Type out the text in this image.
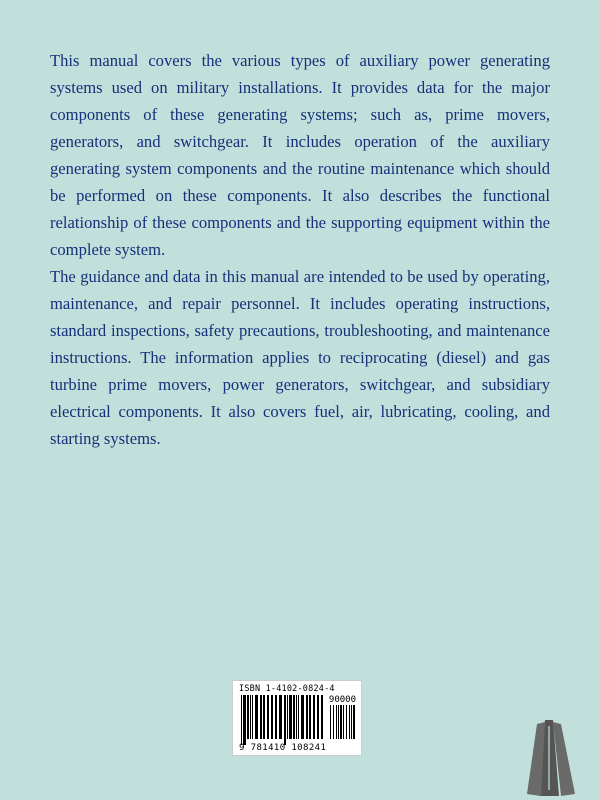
This manual covers the various types of auxiliary power generating systems used on military installations. It provides data for the major components of these generating systems; such as, prime movers, generators, and switchgear. It includes operation of the auxiliary generating system components and the routine maintenance which should be performed on these components. It also describes the functional relationship of these components and the supporting equipment within the complete system.

The guidance and data in this manual are intended to be used by operating, maintenance, and repair personnel. It includes operating instructions, standard inspections, safety precautions, troubleshooting, and maintenance instructions. The information applies to reciprocating (diesel) and gas turbine prime movers, power generators, switchgear, and subsidiary electrical components. It also covers fuel, air, lubricating, cooling, and starting systems.

ISBN 1-4102-0824-4
90000
9 781410 108241
